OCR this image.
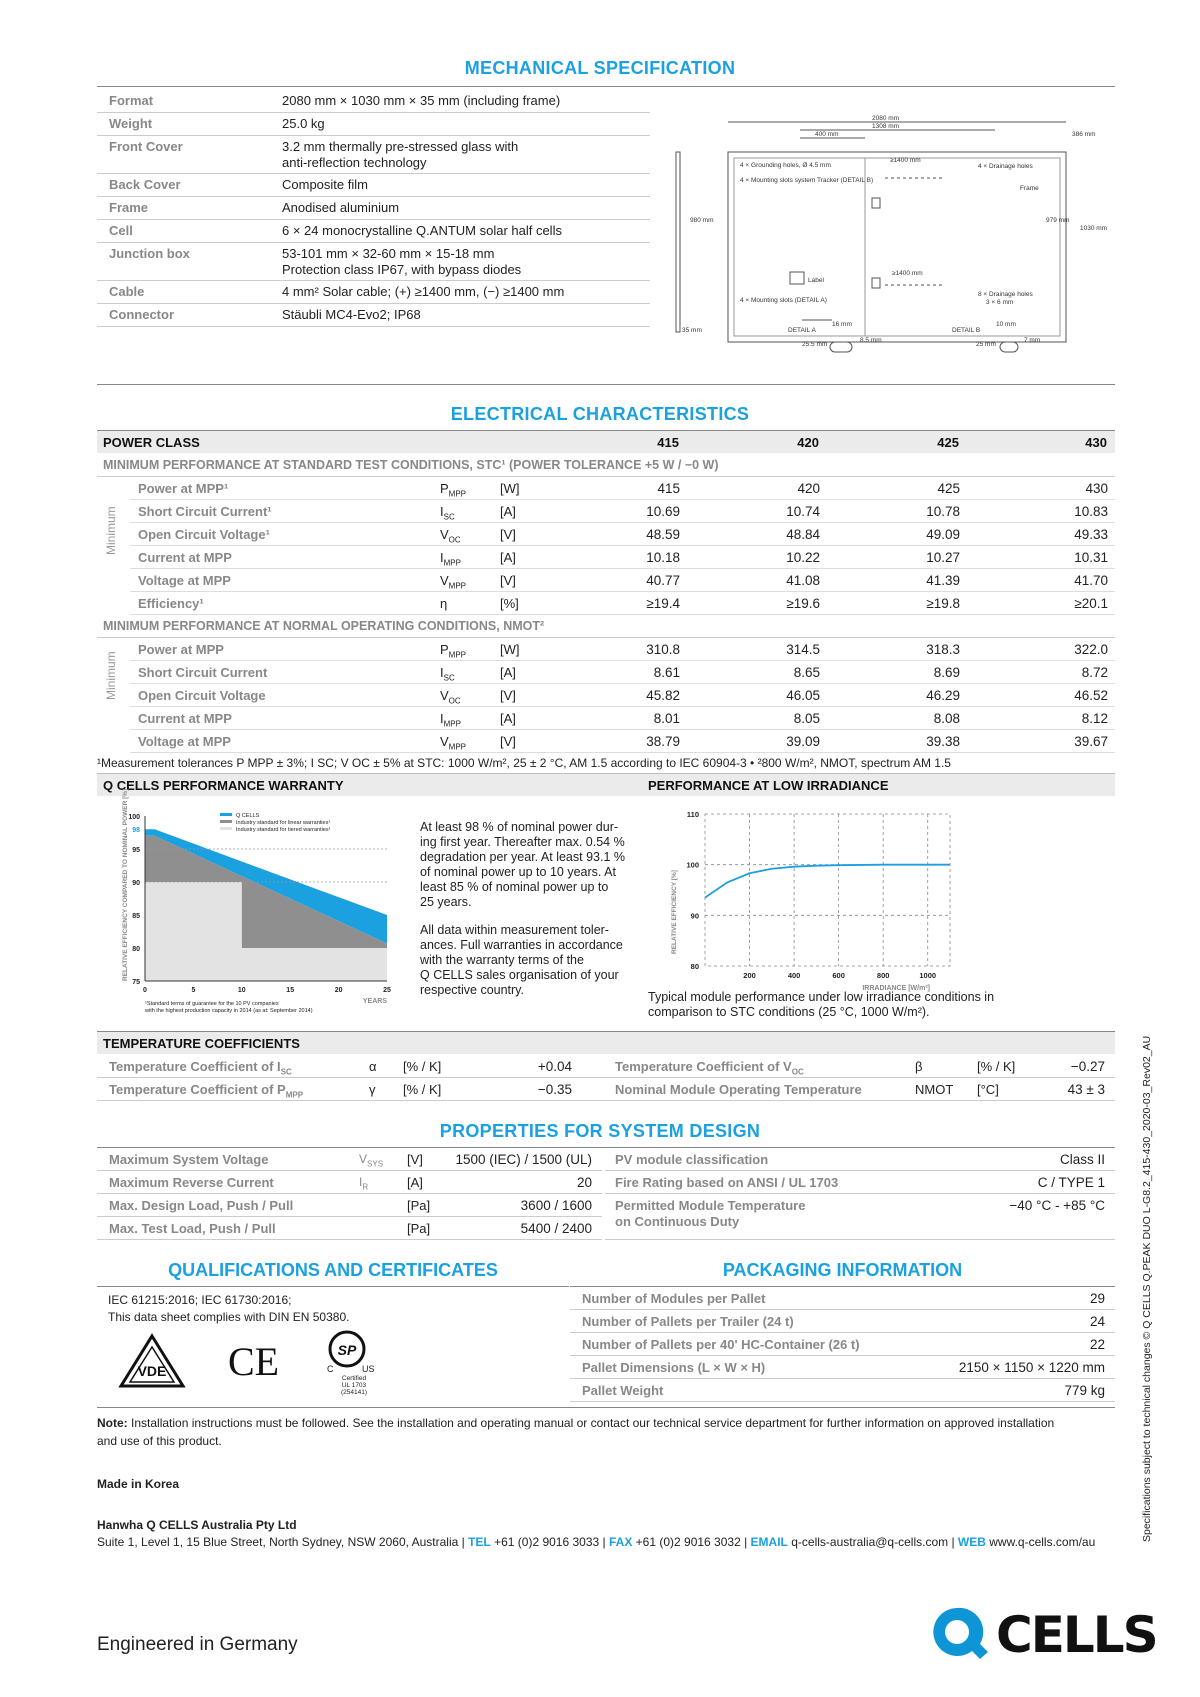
MECHANICAL SPECIFICATION
Format	2080 mm × 1030 mm × 35 mm (including frame)
Weight	25.0 kg
Front Cover	3.2 mm thermally pre-stressed glass with
anti-reflection technology
Back Cover	Composite film
Frame	Anodised aluminium
Cell	6 × 24 monocrystalline Q.ANTUM solar half cells
Junction box	53-101 mm × 32-60 mm × 15-18 mm
Protection class IP67, with bypass diodes
Cable	4 mm² Solar cable; (+) ≥1400 mm, (−) ≥1400 mm
Connector	Stäubli MC4-Evo2; IP68
2080 mm
1308 mm
400 mm	386 mm
4 × Grounding holes, Ø 4.5 mm
≥1400 mm
4 × Drainage holes
4 × Mounting slots system Tracker (DETAIL B)
Frame
980 mm	979 mm
1030 mm
Label
≥1400 mm
8 × Drainage holes
3 × 6 mm
4 × Mounting slots (DETAIL A)
35 mm	DETAIL A
16 mm
25.5 mm
8.5 mm
DETAIL B
10 mm
25 mm
7 mm
ELECTRICAL CHARACTERISTICS
POWER CLASS	415	420	425	430
MINIMUM PERFORMANCE AT STANDARD TEST CONDITIONS, STC¹ (POWER TOLERANCE +5 W / −0 W)
Power at MPP¹	$P_{MPP}$	[W]	415	420	425	430
Short Circuit Current¹	$I_{SC}$	[A]	10.69	10.74	10.78	10.83
Open Circuit Voltage¹	$V_{OC}$	[V]	48.59	48.84	49.09	49.33
Current at MPP	$I_{MPP}$	[A]	10.18	10.22	10.27	10.31
Voltage at MPP	$V_{MPP}$	[V]	40.77	41.08	41.39	41.70
Efficiency¹	η	[%]	≥19.4	≥19.6	≥19.8	≥20.1
MINIMUM PERFORMANCE AT NORMAL OPERATING CONDITIONS, NMOT²
Power at MPP	$P_{MPP}$	[W]	310.8	314.5	318.3	322.0
Short Circuit Current	$I_{SC}$	[A]	8.61	8.65	8.69	8.72
Open Circuit Voltage	$V_{OC}$	[V]	45.82	46.05	46.29	46.52
Current at MPP	$I_{MPP}$	[A]	8.01	8.05	8.08	8.12
Voltage at MPP	$V_{MPP}$	[V]	38.79	39.09	39.38	39.67
Minimum
Minimum
¹Measurement tolerances P MPP ± 3%; I SC; V OC ± 5% at STC: 1000 W/m², 25 ± 2 °C, AM 1.5 according to IEC 60904-3 • ²800 W/m², NMOT, spectrum AM 1.5
Q CELLS PERFORMANCE WARRANTY	PERFORMANCE AT LOW IRRADIANCE
75
80
85
90
95
100
98
0	5	10	15	20	25
YEARS
RELATIVE EFFICIENCY COMPARED TO NOMINAL POWER [%]	Q CELLS
Industry standard for linear warranties¹
Industry standard for tiered warranties¹
¹Standard terms of guarantee for the 10 PV companies
with the highest production capacity in 2014 (as at: September 2014)
At least 98 % of nominal power dur-
ing first year. Thereafter max. 0.54 %
degradation per year. At least 93.1 %
of nominal power up to 10 years. At
least 85 % of nominal power up to
25 years.
All data within measurement toler-
ances. Full warranties in accordance
with the warranty terms of the
Q CELLS sales organisation of your
respective country.
80
90
100
110
200	400	600	800	1000
IRRADIANCE [W/m²]
RELATIVE EFFICIENCY [%]
Typical module performance under low irradiance conditions in
comparison to STC conditions (25 °C, 1000 W/m²).
TEMPERATURE COEFFICIENTS
Temperature Coefficient of $I_{SC}$	α [% / K]	+0.04	Temperature Coefficient of $V_{OC}$	β	[% / K]	−0.27
Temperature Coefficient of $P_{MPP}$	γ [% / K]	−0.35	Nominal Module Operating Temperature	NMOT [°C]	43 ± 3
PROPERTIES FOR SYSTEM DESIGN
Maximum System Voltage	$V_{SYS}$ [V] 1500 (IEC) / 1500 (UL)
Maximum Reverse Current	$I_R$	[A]	20
Max. Design Load, Push / Pull	[Pa]	3600 / 1600
Max. Test Load, Push / Pull	[Pa]	5400 / 2400
PV module classification	Class II
Fire Rating based on ANSI / UL 1703	C / TYPE 1
Permitted Module Temperature
on Continuous Duty
−40 °C - +85 °C
QUALIFICATIONS AND CERTIFICATES	PACKAGING INFORMATION
IEC 61215:2016; IEC 61730:2016;
This data sheet complies with DIN EN 50380.
VDE CE	SP
C	US
Certified
UL 1703
(254141)
Number of Modules per Pallet	29
Number of Pallets per Trailer (24 t)	24
Number of Pallets per 40' HC-Container (26 t)	22
Pallet Dimensions (L × W × H)	2150 × 1150 × 1220 mm
Pallet Weight	779 kg
Note: Installation instructions must be followed. See the installation and operating manual or contact our technical service department for further information on approved installation
and use of this product.
Made in Korea
Hanwha Q CELLS Australia Pty Ltd
Suite 1, Level 1, 15 Blue Street, North Sydney, NSW 2060, Australia | TEL +61 (0)2 9016 3033 | FAX +61 (0)2 9016 3032 | EMAIL q-cells-australia@q-cells.com | WEB www.q-cells.com/au	Specifications subject to technical changes © Q CELLS Q.PEAK DUO L-G8.2_415-430_2020-03_Rev02_AU
Engineered in Germany	CELLS
